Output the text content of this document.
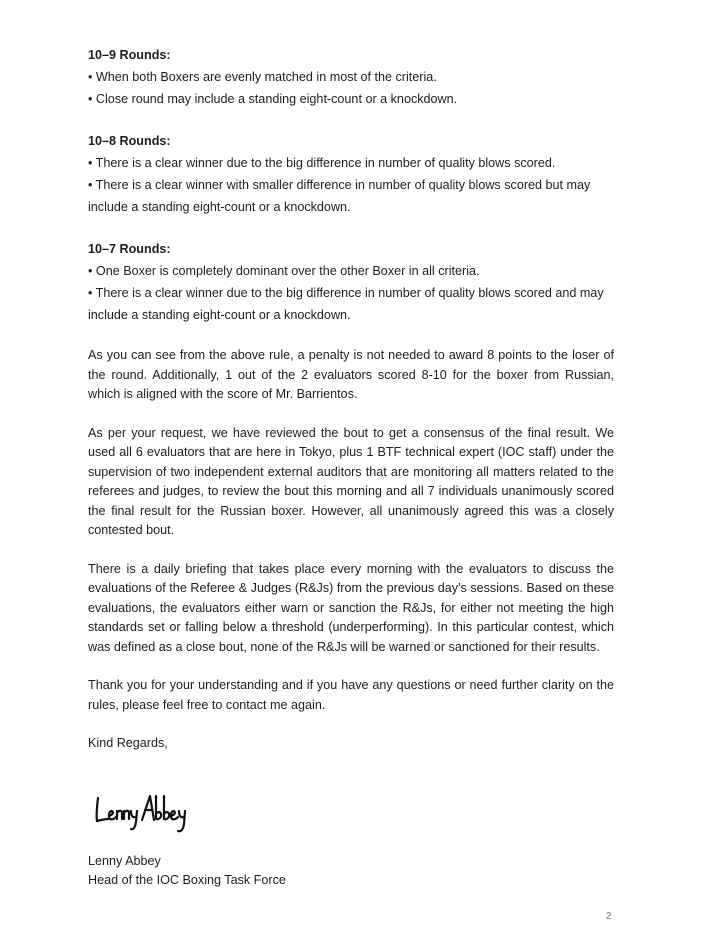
10–9 Rounds:

• When both Boxers are evenly matched in most of the criteria.

• Close round may include a standing eight-count or a knockdown.

10–8 Rounds:

• There is a clear winner due to the big difference in number of quality blows scored.

• There is a clear winner with smaller difference in number of quality blows scored but may include a standing eight-count or a knockdown.

10–7 Rounds:

• One Boxer is completely dominant over the other Boxer in all criteria.

• There is a clear winner due to the big difference in number of quality blows scored and may include a standing eight-count or a knockdown.

As you can see from the above rule, a penalty is not needed to award 8 points to the loser of the round. Additionally, 1 out of the 2 evaluators scored 8-10 for the boxer from Russian, which is aligned with the score of Mr. Barrientos.

As per your request, we have reviewed the bout to get a consensus of the final result. We used all 6 evaluators that are here in Tokyo, plus 1 BTF technical expert (IOC staff) under the supervision of two independent external auditors that are monitoring all matters related to the referees and judges, to review the bout this morning and all 7 individuals unanimously scored the final result for the Russian boxer. However, all unanimously agreed this was a closely contested bout.

There is a daily briefing that takes place every morning with the evaluators to discuss the evaluations of the Referee & Judges (R&Js) from the previous day's sessions. Based on these evaluations, the evaluators either warn or sanction the R&Js, for either not meeting the high standards set or falling below a threshold (underperforming). In this particular contest, which was defined as a close bout, none of the R&Js will be warned or sanctioned for their results.

Thank you for your understanding and if you have any questions or need further clarity on the rules, please feel free to contact me again.

Kind Regards,

Lenny Abbey
Head of the IOC Boxing Task Force
2
